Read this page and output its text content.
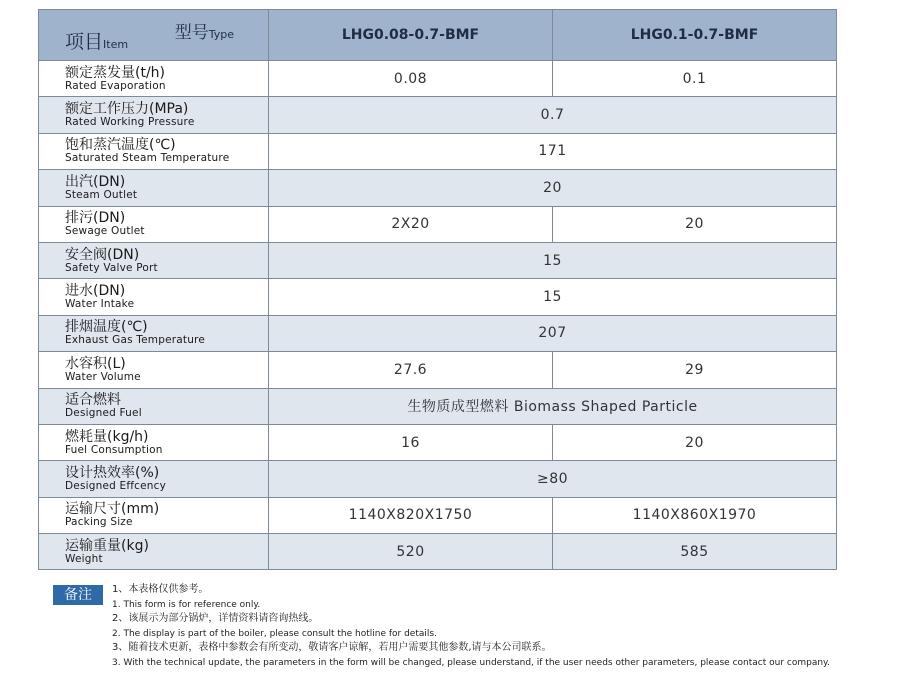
项目Item
型号Type	LHG0.08-0.7-BMF	LHG0.1-0.7-BMF

额定蒸发量(t/h)
Rated Evaporation	0.08	0.1

额定工作压力(MPa)
Rated Working Pressure	0.7	

饱和蒸汽温度(℃)
Saturated Steam Temperature	171	

出汽(DN)
Steam Outlet	20	

排污(DN)
Sewage Outlet	2X20	20

安全阀(DN)
Safety Valve Port	15	

进水(DN)
Water Intake	15	

排烟温度(℃)
Exhaust Gas Temperature	207	

水容积(L)
Water Volume	27.6	29

适合燃料
Designed Fuel	生物质成型燃料 Biomass Shaped Particle	

燃耗量(kg/h)
Fuel Consumption	16	20

设计热效率(%)
Designed Effcency	≥80	

运输尺寸(mm)
Packing Size	1140X820X1750	1140X860X1970

运输重量(kg)
Weight	520	585
备注	1、本表格仅供参考。
1. This form is for reference only.
2、该展示为部分锅炉，详情资料请咨询热线。
2. The display is part of the boiler, please consult the hotline for details.
3、随着技术更新，表格中参数会有所变动，敬请客户谅解，若用户需要其他参数,请与本公司联系。
3. With the technical update, the parameters in the form will be changed, please understand, if the user needs other parameters, please contact our company.
